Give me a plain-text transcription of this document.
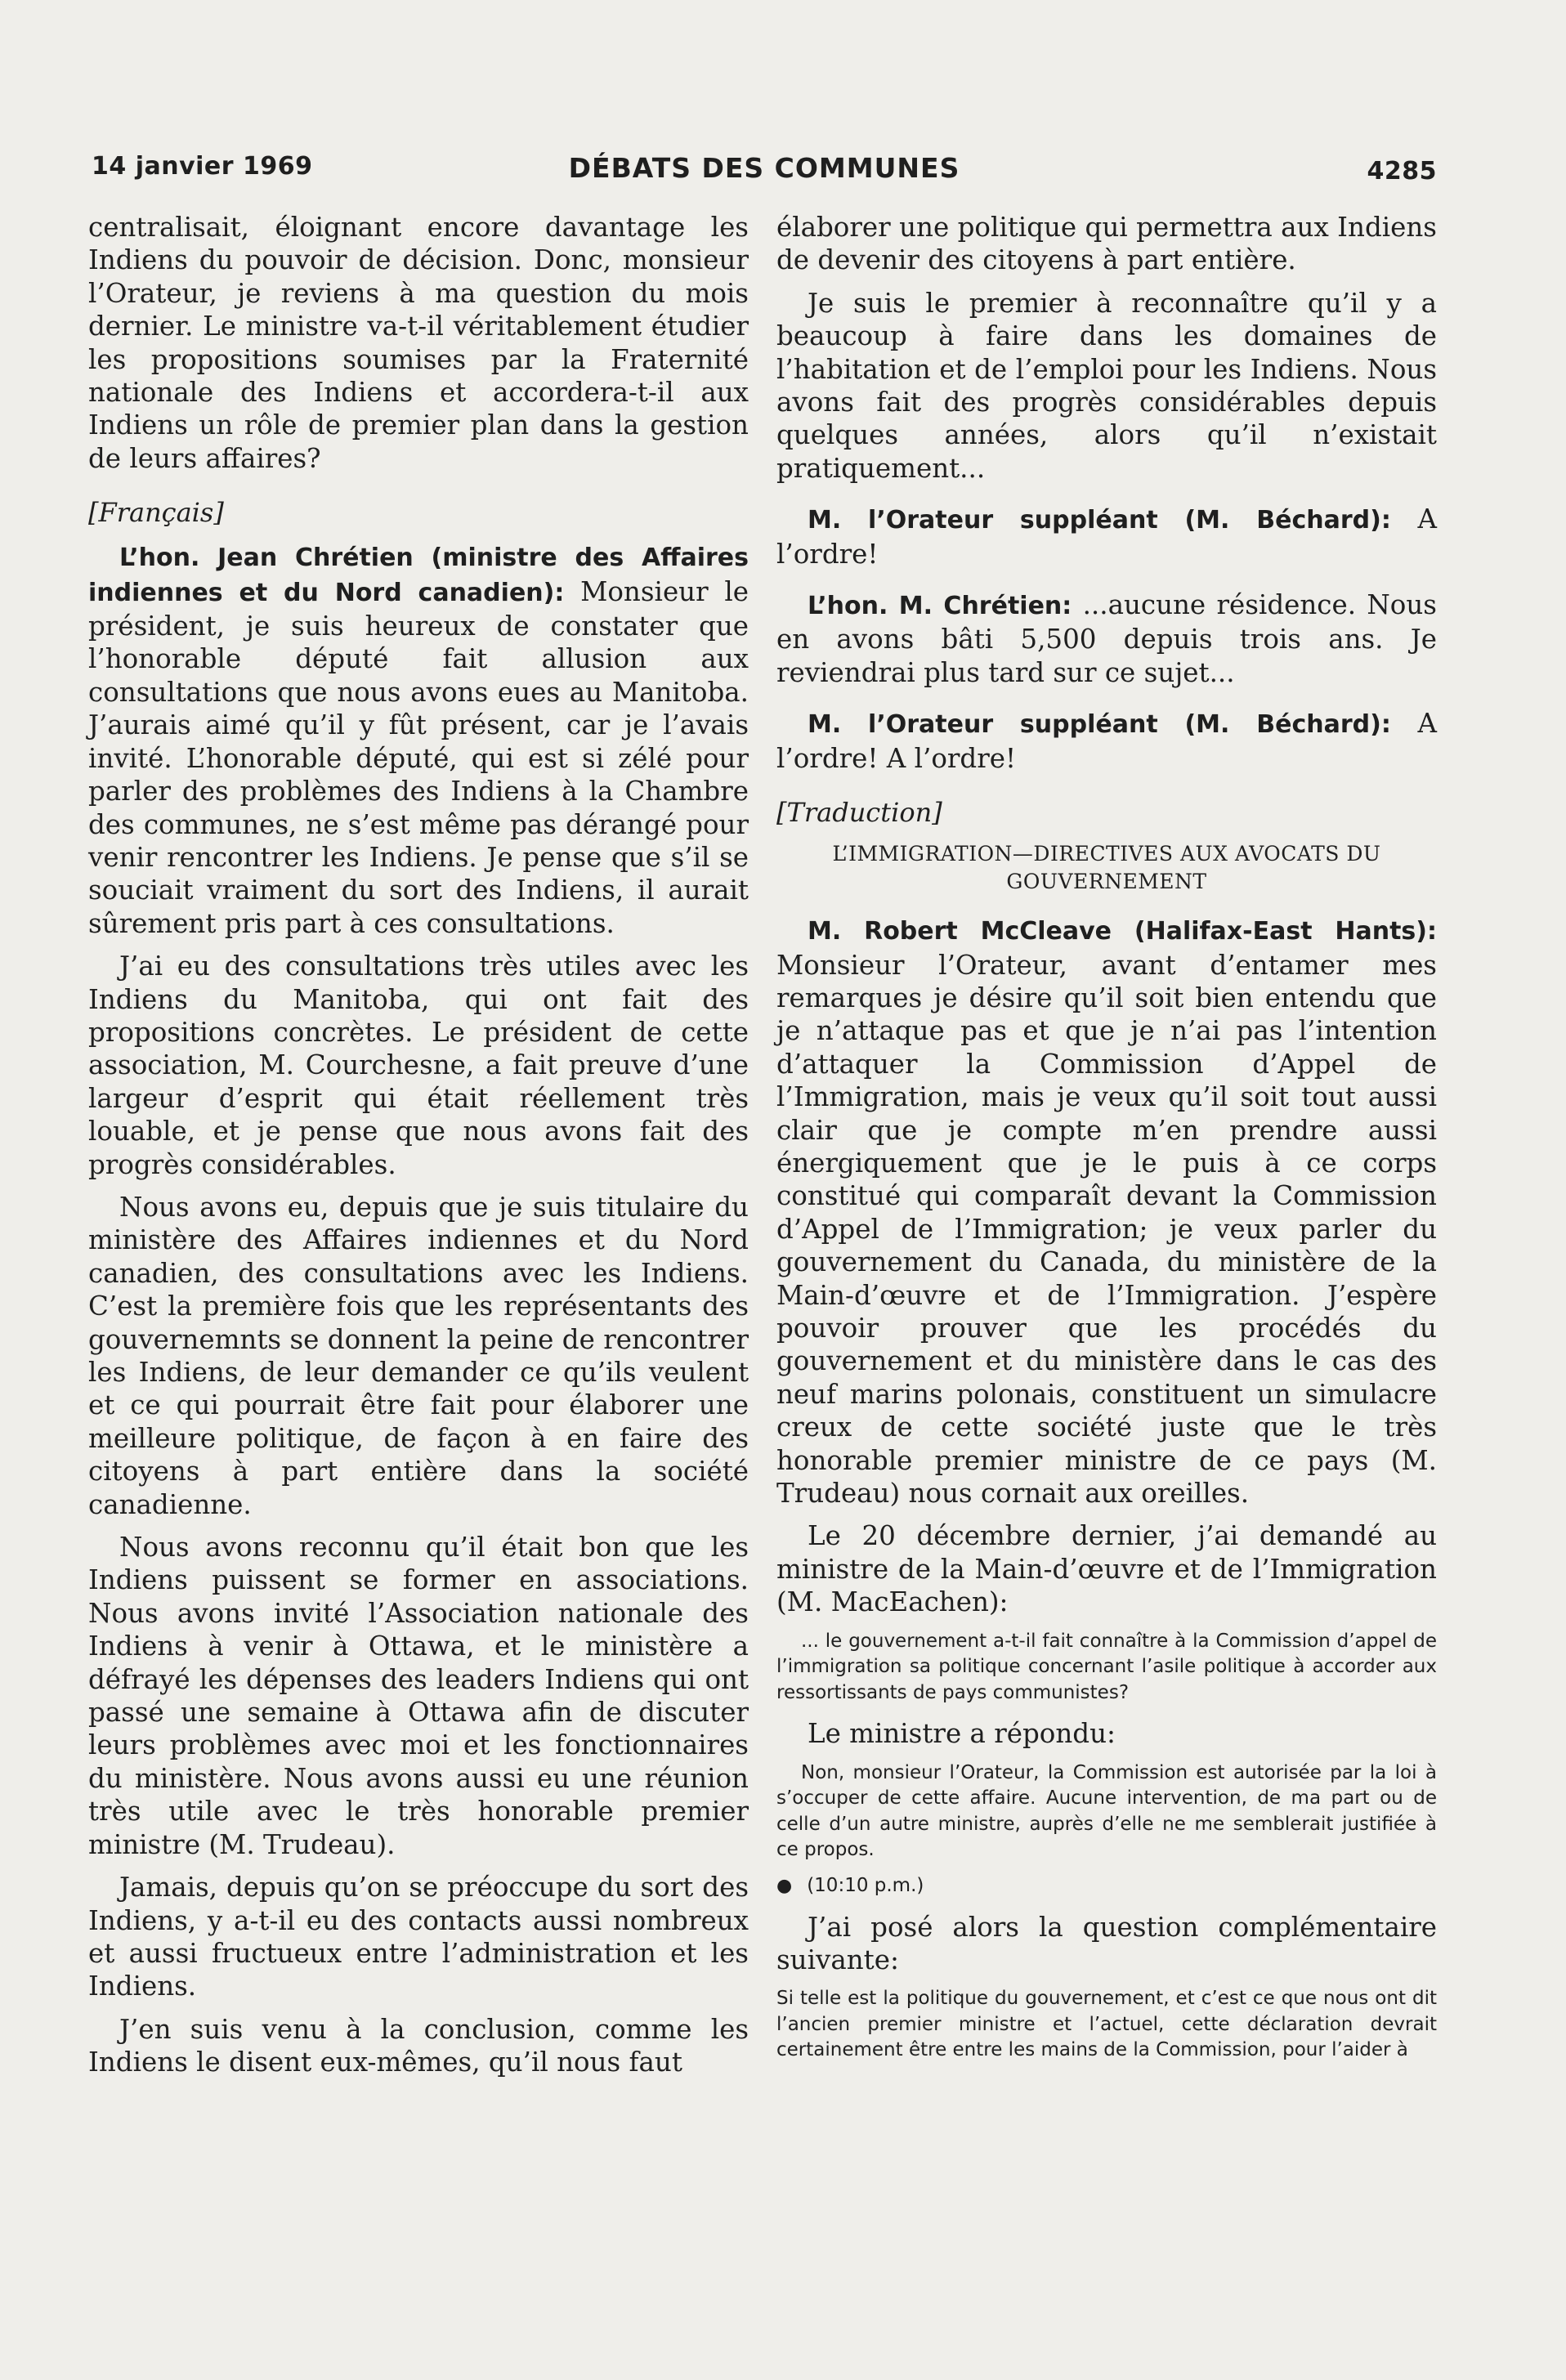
14 janvier 1969	DÉBATS DES COMMUNES	4285

centralisait, éloignant encore davantage les Indiens du pouvoir de décision. Donc, monsieur l’Orateur, je reviens à ma question du mois dernier. Le ministre va-t-il véritablement étudier les propositions soumises par la Fraternité nationale des Indiens et accordera-t-il aux Indiens un rôle de premier plan dans la gestion de leurs affaires?

[Français]

L’hon. Jean Chrétien (ministre des Affaires indiennes et du Nord canadien): Monsieur le président, je suis heureux de constater que l’honorable député fait allusion aux consultations que nous avons eues au Manitoba. J’aurais aimé qu’il y fût présent, car je l’avais invité. L’honorable député, qui est si zélé pour parler des problèmes des Indiens à la Chambre des communes, ne s’est même pas dérangé pour venir rencontrer les Indiens. Je pense que s’il se souciait vraiment du sort des Indiens, il aurait sûrement pris part à ces consultations.

J’ai eu des consultations très utiles avec les Indiens du Manitoba, qui ont fait des propositions concrètes. Le président de cette association, M. Courchesne, a fait preuve d’une largeur d’esprit qui était réellement très louable, et je pense que nous avons fait des progrès considérables.

Nous avons eu, depuis que je suis titulaire du ministère des Affaires indiennes et du Nord canadien, des consultations avec les Indiens. C’est la première fois que les représentants des gouvernemnts se donnent la peine de rencontrer les Indiens, de leur demander ce qu’ils veulent et ce qui pourrait être fait pour élaborer une meilleure politique, de façon à en faire des citoyens à part entière dans la société canadienne.

Nous avons reconnu qu’il était bon que les Indiens puissent se former en associations. Nous avons invité l’Association nationale des Indiens à venir à Ottawa, et le ministère a défrayé les dépenses des leaders Indiens qui ont passé une semaine à Ottawa afin de discuter leurs problèmes avec moi et les fonctionnaires du ministère. Nous avons aussi eu une réunion très utile avec le très honorable premier ministre (M. Trudeau).

Jamais, depuis qu’on se préoccupe du sort des Indiens, y a-t-il eu des contacts aussi nombreux et aussi fructueux entre l’administration et les Indiens.

J’en suis venu à la conclusion, comme les Indiens le disent eux-mêmes, qu’il nous faut

élaborer une politique qui permettra aux Indiens de devenir des citoyens à part entière.

Je suis le premier à reconnaître qu’il y a beaucoup à faire dans les domaines de l’habitation et de l’emploi pour les Indiens. Nous avons fait des progrès considérables depuis quelques années, alors qu’il n’existait pratiquement...

M. l’Orateur suppléant (M. Béchard): A l’ordre!

L’hon. M. Chrétien: ...aucune résidence. Nous en avons bâti 5,500 depuis trois ans. Je reviendrai plus tard sur ce sujet...

M. l’Orateur suppléant (M. Béchard): A l’ordre! A l’ordre!

[Traduction]
L’IMMIGRATION—DIRECTIVES AUX AVOCATS DU GOUVERNEMENT

M. Robert McCleave (Halifax-East Hants): Monsieur l’Orateur, avant d’entamer mes remarques je désire qu’il soit bien entendu que je n’attaque pas et que je n’ai pas l’intention d’attaquer la Commission d’Appel de l’Immigration, mais je veux qu’il soit tout aussi clair que je compte m’en prendre aussi énergiquement que je le puis à ce corps constitué qui comparaît devant la Commission d’Appel de l’Immigration; je veux parler du gouvernement du Canada, du ministère de la Main-d’œuvre et de l’Immigration. J’espère pouvoir prouver que les procédés du gouvernement et du ministère dans le cas des neuf marins polonais, constituent un simulacre creux de cette société juste que le très honorable premier ministre de ce pays (M. Trudeau) nous cornait aux oreilles.

Le 20 décembre dernier, j’ai demandé au ministre de la Main-d’œuvre et de l’Immigration (M. MacEachen):

... le gouvernement a-t-il fait connaître à la Commission d’appel de l’immigration sa politique concernant l’asile politique à accorder aux ressortissants de pays communistes?

Le ministre a répondu:

Non, monsieur l’Orateur, la Commission est autorisée par la loi à s’occuper de cette affaire. Aucune intervention, de ma part ou de celle d’un autre ministre, auprès d’elle ne me semblerait justifiée à ce propos.
● (10:10 p.m.)

J’ai posé alors la question complémentaire suivante:

Si telle est la politique du gouvernement, et c’est ce que nous ont dit l’ancien premier ministre et l’actuel, cette déclaration devrait certainement être entre les mains de la Commission, pour l’aider à
